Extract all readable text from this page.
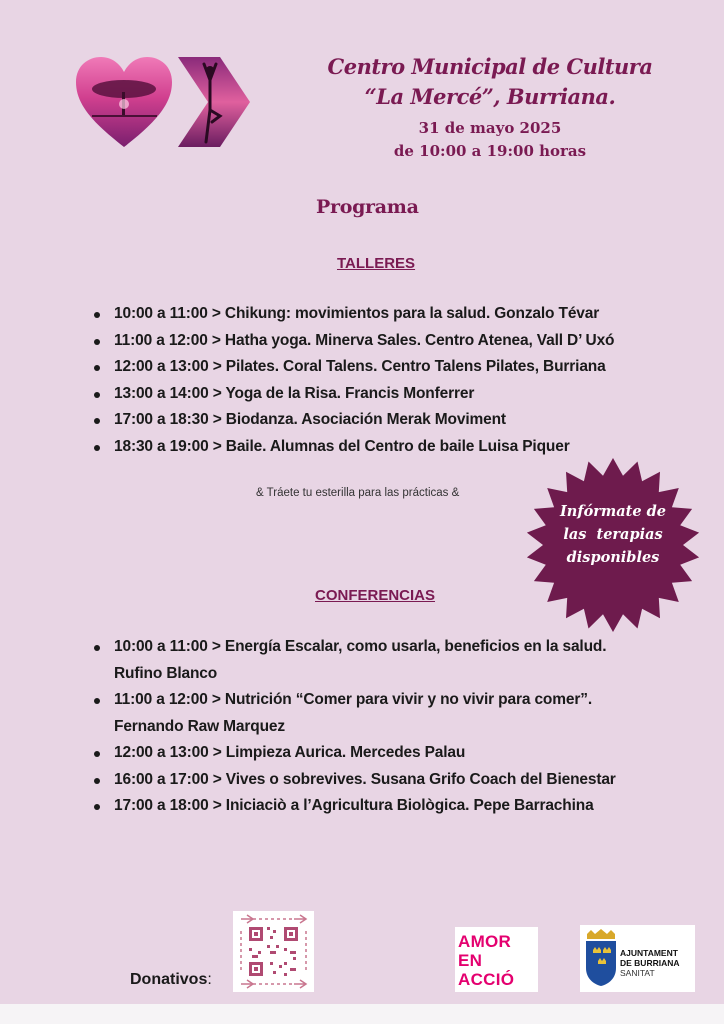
Centro Municipal de Cultura
“La Mercé”, Burriana.
31 de mayo 2025
de 10:00 a 19:00 horas
Programa
TALLERES
10:00 a 11:00 > Chikung: movimientos para la salud. Gonzalo Tévar
11:00 a 12:00 > Hatha yoga. Minerva Sales. Centro Atenea, Vall D’ Uxó
12:00 a 13:00 > Pilates. Coral Talens. Centro Talens Pilates, Burriana
13:00 a 14:00 > Yoga de la Risa. Francis Monferrer
17:00 a 18:30 > Biodanza. Asociación Merak Moviment
18:30 a 19:00 > Baile. Alumnas del Centro de baile Luisa Piquer
& Tráete tu esterilla para las prácticas &
Infórmate de
las  terapias
disponibles
CONFERENCIAS
10:00 a 11:00 > Energía Escalar, como usarla, beneficios en la salud.
Rufino Blanco
11:00 a 12:00 > Nutrición “Comer para vivir y no vivir para comer”.
Fernando Raw Marquez
12:00 a 13:00 > Limpieza Aurica. Mercedes Palau
16:00 a 17:00 > Vives o sobrevives. Susana Grifo Coach del Bienestar
17:00 a 18:00 > Iniciaciò a l’Agricultura Biològica. Pepe Barrachina
Donativos:
AMOR
EN
ACCIÓ
AJUNTAMENT
DE BURRIANA
SANITAT
